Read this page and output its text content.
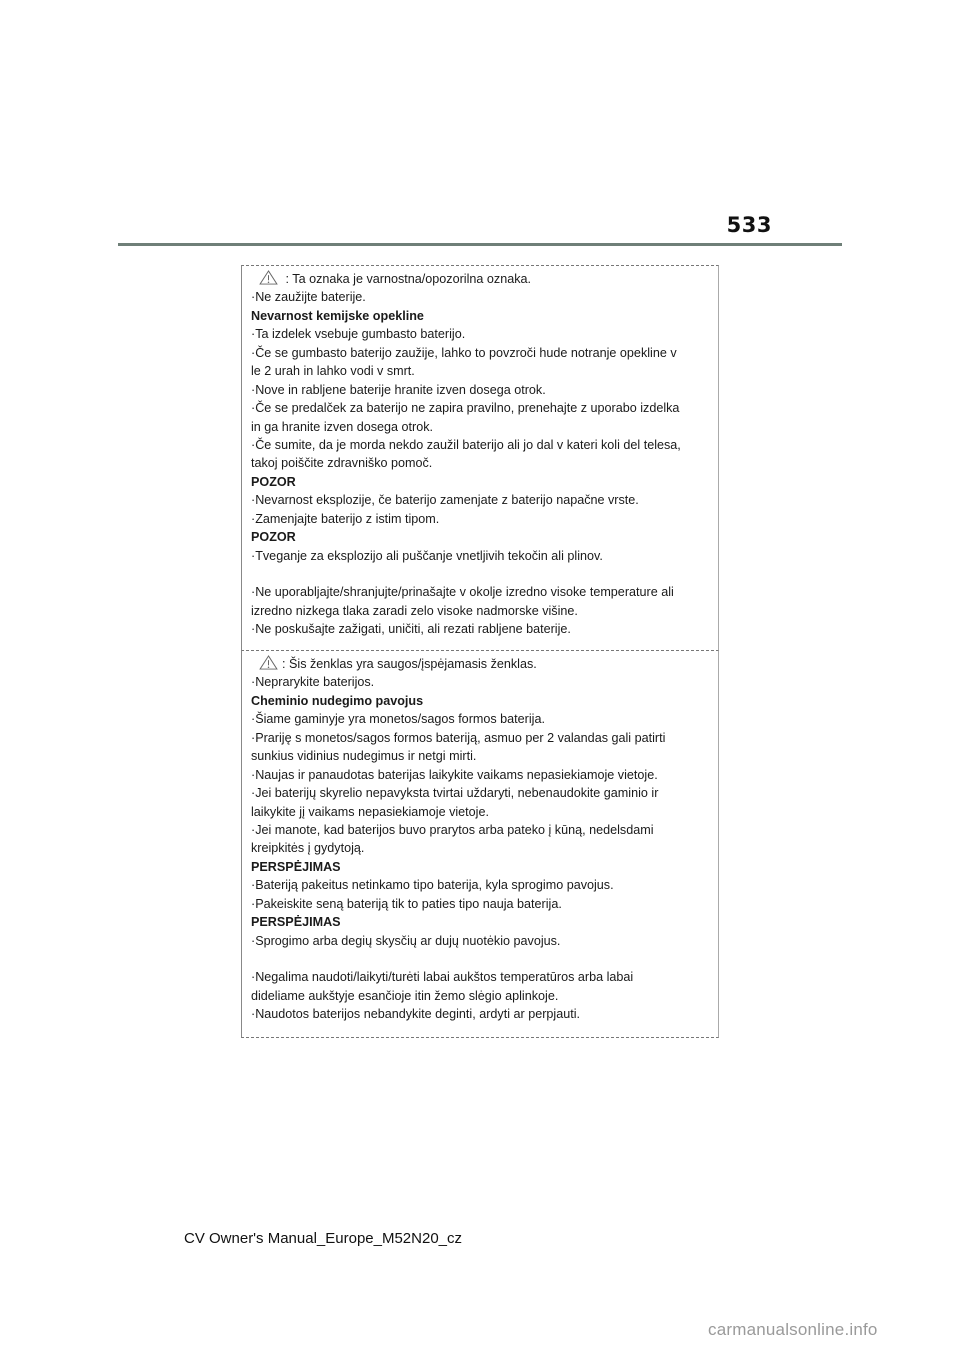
533
: Ta oznaka je varnostna/opozorilna oznaka.
·Ne zaužijte baterije.
Nevarnost kemijske opekline
·Ta izdelek vsebuje gumbasto baterijo.
·Če se gumbasto baterijo zaužije, lahko to povzroči hude notranje opekline v
le 2 urah in lahko vodi v smrt.
·Nove in rabljene baterije hranite izven dosega otrok.
·Če se predalček za baterijo ne zapira pravilno, prenehajte z uporabo izdelka
in ga hranite izven dosega otrok.
·Če sumite, da je morda nekdo zaužil baterijo ali jo dal v kateri koli del telesa,
takoj poiščite zdravniško pomoč.
POZOR
·Nevarnost eksplozije, če baterijo zamenjate z baterijo napačne vrste.
·Zamenjajte baterijo z istim tipom.
POZOR
·Tveganje za eksplozijo ali puščanje vnetljivih tekočin ali plinov.
·Ne uporabljajte/shranjujte/prinašajte v okolje izredno visoke temperature ali
izredno nizkega tlaka zaradi zelo visoke nadmorske višine.
·Ne poskušajte zažigati, uničiti, ali rezati rabljene baterije.
: Šis ženklas yra saugos/įspėjamasis ženklas.
·Neprarykite baterijos.
Cheminio nudegimo pavojus
·Šiame gaminyje yra monetos/sagos formos baterija.
·Prariję s monetos/sagos formos bateriją, asmuo per 2 valandas gali patirti
sunkius vidinius nudegimus ir netgi mirti.
·Naujas ir panaudotas baterijas laikykite vaikams nepasiekiamoje vietoje.
·Jei baterijų skyrelio nepavyksta tvirtai uždaryti, nebenaudokite gaminio ir
laikykite jį vaikams nepasiekiamoje vietoje.
·Jei manote, kad baterijos buvo prarytos arba pateko į kūną, nedelsdami
kreipkitės į gydytoją.
PERSPĖJIMAS
·Bateriją pakeitus netinkamo tipo baterija, kyla sprogimo pavojus.
·Pakeiskite seną bateriją tik to paties tipo nauja baterija.
PERSPĖJIMAS
·Sprogimo arba degių skysčių ar dujų nuotėkio pavojus.
·Negalima naudoti/laikyti/turėti labai aukštos temperatūros arba labai
dideliame aukštyje esančioje itin žemo slėgio aplinkoje.
·Naudotos baterijos nebandykite deginti, ardyti ar perpjauti.
CV Owner's Manual_Europe_M52N20_cz
carmanualsonline.info
